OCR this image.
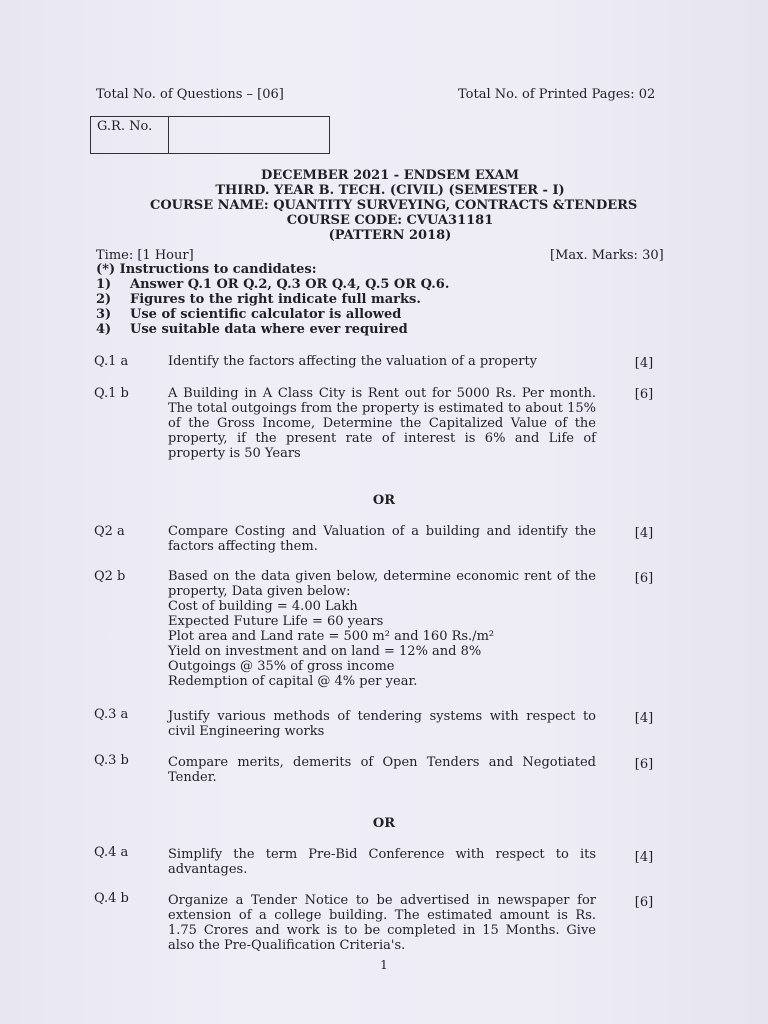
Total No. of Questions – [06]	Total No. of Printed Pages: 02
G.R. No.
DECEMBER 2021 - ENDSEM EXAM
THIRD. YEAR B. TECH. (CIVIL) (SEMESTER - I)
COURSE NAME: QUANTITY SURVEYING, CONTRACTS &TENDERS
COURSE CODE: CVUA31181
(PATTERN 2018)
Time: [1 Hour]	[Max. Marks: 30]
(*) Instructions to candidates:
1) Answer Q.1 OR Q.2, Q.3 OR Q.4, Q.5 OR Q.6.
2) Figures to the right indicate full marks.
3) Use of scientific calculator is allowed
4) Use suitable data where ever required
Q.1 a	Identify the factors affecting the valuation of a property	[4]
Q.1 b	A Building in A Class City is Rent out for 5000 Rs. Per month. The total outgoings from the property is estimated to about 15% of the Gross Income, Determine the Capitalized Value of the property, if the present rate of interest is 6% and Life of property is 50 Years
[6]
OR
Q2 a	Compare Costing and Valuation of a building and identify the factors affecting them.
[4]
Q2 b	Based on the data given below, determine economic rent of the property, Data given below:
Cost of building = 4.00 Lakh
Expected Future Life = 60 years
Plot area and Land rate = 500 m² and 160 Rs./m²
Yield on investment and on land = 12% and 8%
Outgoings @ 35% of gross income
Redemption of capital @ 4% per year.
[6]
Q.3 a	Justify various methods of tendering systems with respect to civil Engineering works
[4]
Q.3 b	Compare merits, demerits of Open Tenders and Negotiated Tender.
[6]
OR
Q.4 a	Simplify the term Pre-Bid Conference with respect to its advantages.
[4]
Q.4 b	Organize a Tender Notice to be advertised in newspaper for extension of a college building. The estimated amount is Rs. 1.75 Crores and work is to be completed in 15 Months. Give also the Pre-Qualification Criteria's.
[6]
1
